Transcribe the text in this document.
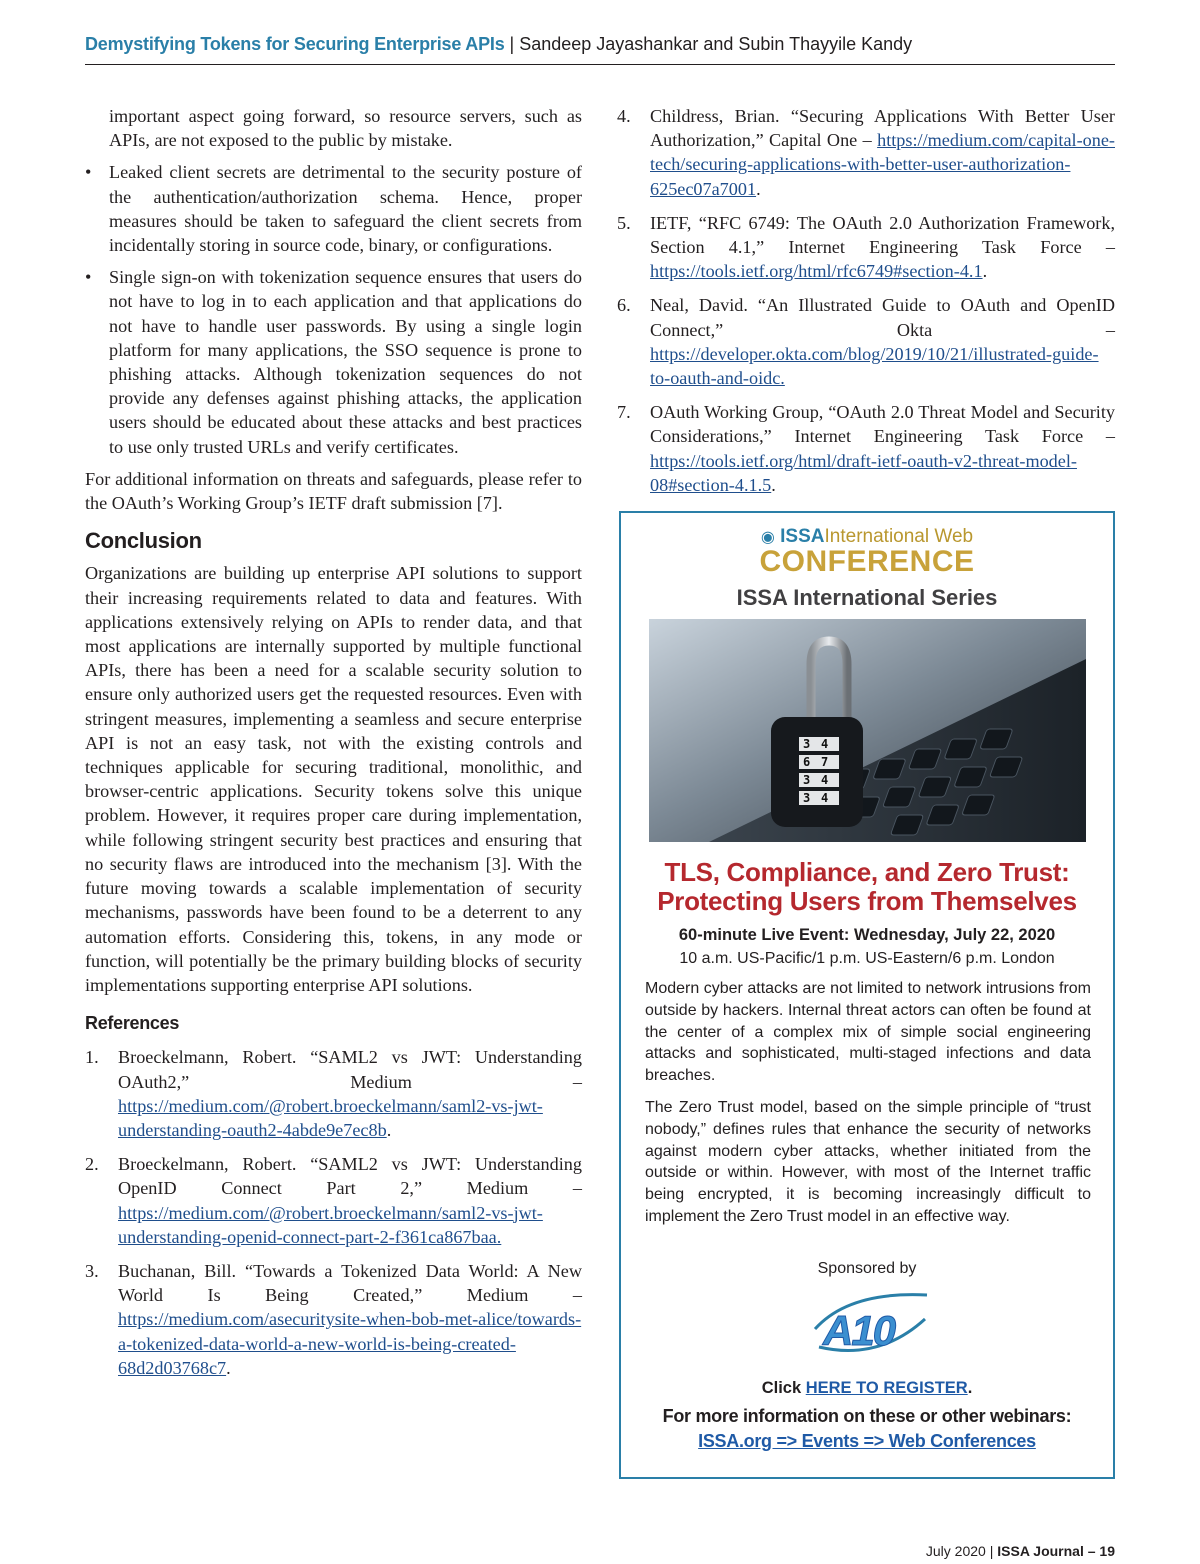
Demystifying Tokens for Securing Enterprise APIs | Sandeep Jayashankar and Subin Thayyile Kandy

important aspect going forward, so resource servers, such as APIs, are not exposed to the public by mistake.

• Leaked client secrets are detrimental to the security posture of the authentication/authorization schema. Hence, proper measures should be taken to safeguard the client secrets from incidentally storing in source code, binary, or configurations.

• Single sign-on with tokenization sequence ensures that users do not have to log in to each application and that applications do not have to handle user passwords. By using a single login platform for many applications, the SSO sequence is prone to phishing attacks. Although tokenization sequences do not provide any defenses against phishing attacks, the application users should be educated about these attacks and best practices to use only trusted URLs and verify certificates.

For additional information on threats and safeguards, please refer to the OAuth’s Working Group’s IETF draft submission [7].

Conclusion

Organizations are building up enterprise API solutions to support their increasing requirements related to data and features. With applications extensively relying on APIs to render data, and that most applications are internally supported by multiple functional APIs, there has been a need for a scalable security solution to ensure only authorized users get the requested resources. Even with stringent measures, implementing a seamless and secure enterprise API is not an easy task, not with the existing controls and techniques applicable for securing traditional, monolithic, and browser-centric applications. Security tokens solve this unique problem. However, it requires proper care during implementation, while following stringent security best practices and ensuring that no security flaws are introduced into the mechanism [3]. With the future moving towards a scalable implementation of security mechanisms, passwords have been found to be a deterrent to any automation efforts. Considering this, tokens, in any mode or function, will potentially be the primary building blocks of security implementations supporting enterprise API solutions.

References
1. Broeckelmann, Robert. “SAML2 vs JWT: Understanding OAuth2,” Medium – https://medium.com/@robert.broeckelmann/saml2-vs-jwt-understanding-oauth2-4abde9e7ec8b.

2. Broeckelmann, Robert. “SAML2 vs JWT: Understanding OpenID Connect Part 2,” Medium – https://medium.com/@robert.broeckelmann/saml2-vs-jwt-understanding-openid-connect-part-2-f361ca867baa.

3. Buchanan, Bill. “Towards a Tokenized Data World: A New World Is Being Created,” Medium – https://medium.com/asecuritysite-when-bob-met-alice/towards-a-tokenized-data-world-a-new-world-is-being-created-68d2d03768c7.

4. Childress, Brian. “Securing Applications With Better User Authorization,” Capital One – https://medium.com/capital-one-tech/securing-applications-with-better-user-authorization-625ec07a7001.

5. IETF, “RFC 6749: The OAuth 2.0 Authorization Framework, Section 4.1,” Internet Engineering Task Force – https://tools.ietf.org/html/rfc6749#section-4.1.

6. Neal, David. “An Illustrated Guide to OAuth and OpenID Connect,” Okta – https://developer.okta.com/blog/2019/10/21/illustrated-guide-to-oauth-and-oidc.

7. OAuth Working Group, “OAuth 2.0 Threat Model and Security Considerations,” Internet Engineering Task Force – https://tools.ietf.org/html/draft-ietf-oauth-v2-threat-model-08#section-4.1.5.

◉ ISSAInternational Web
CONFERENCE
ISSA International Series
3 4
6 7
3 4
3 4
TLS, Compliance, and Zero Trust:
Protecting Users from Themselves
60-minute Live Event: Wednesday, July 22, 2020
10 a.m. US-Pacific/1 p.m. US-Eastern/6 p.m. London

Modern cyber attacks are not limited to network intrusions from outside by hackers. Internal threat actors can often be found at the center of a complex mix of simple social engineering attacks and sophisticated, multi-staged infections and data breaches.

The Zero Trust model, based on the simple principle of “trust nobody,” defines rules that enhance the security of networks against modern cyber attacks, whether initiated from the outside or within. However, with most of the Internet traffic being encrypted, it is becoming increasingly difficult to implement the Zero Trust model in an effective way.

Sponsored by
A10
Click HERE TO REGISTER.
For more information on these or other webinars:
ISSA.org => Events => Web Conferences
July 2020 | ISSA Journal – 19
